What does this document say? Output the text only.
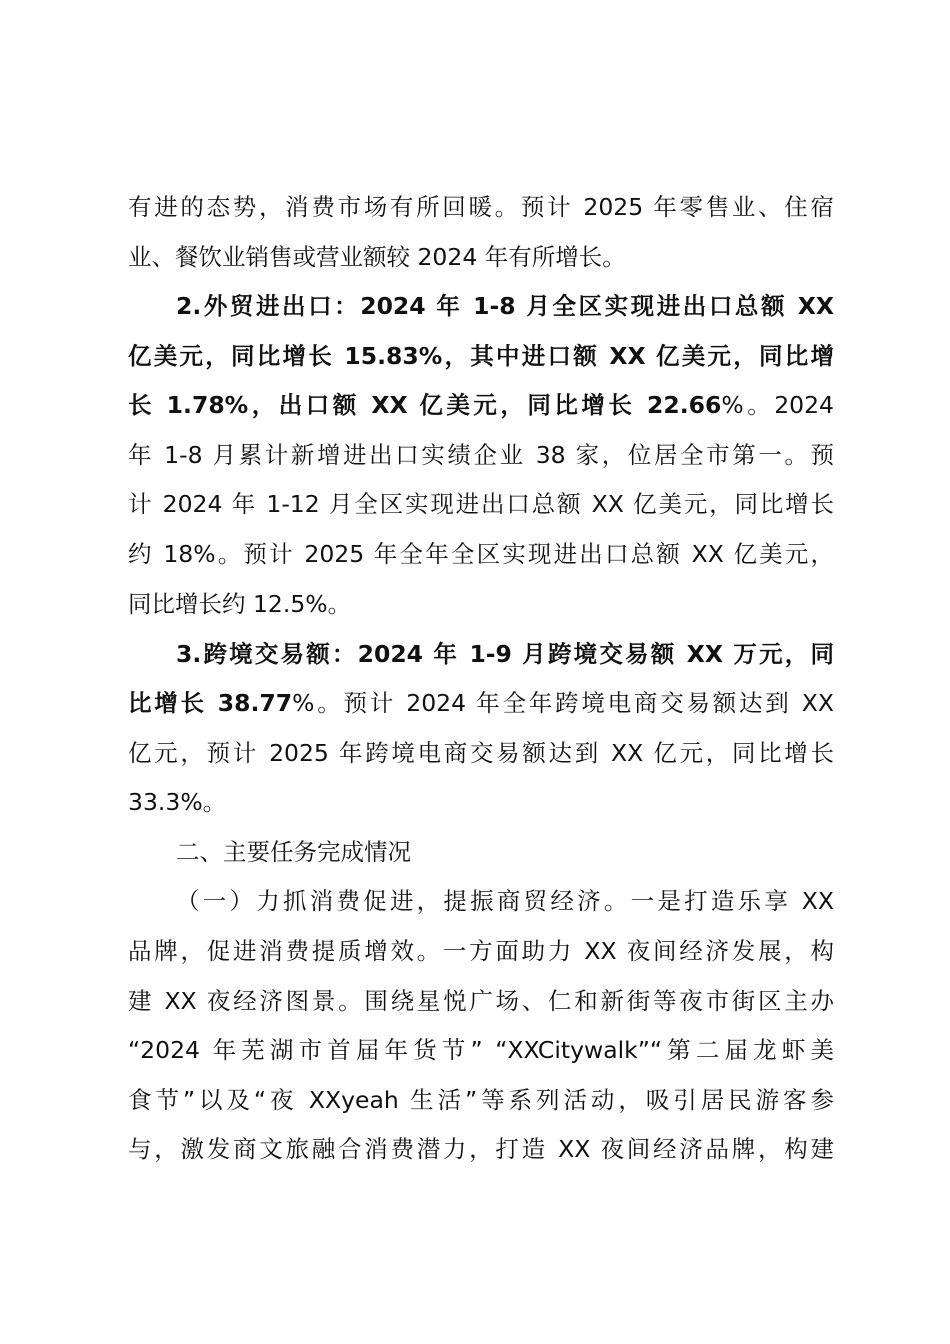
有进的态势，消费市场有所回暖。预计 2025 年零售业、住宿
业、餐饮业销售或营业额较 2024 年有所增长。
2.外贸进出口：2024 年 1-8 月全区实现进出口总额 XX
亿美元，同比增长 15.83%，其中进口额 XX 亿美元，同比增
长 1.78%，出口额 XX 亿美元，同比增长 22.66%。2024
年 1-8 月累计新增进出口实绩企业 38 家，位居全市第一。预
计 2024 年 1-12 月全区实现进出口总额 XX 亿美元，同比增长
约 18%。预计 2025 年全年全区实现进出口总额 XX 亿美元，
同比增长约 12.5%。
3.跨境交易额：2024 年 1-9 月跨境交易额 XX 万元，同
比增长 38.77%。预计 2024 年全年跨境电商交易额达到 XX
亿元，预计 2025 年跨境电商交易额达到 XX 亿元，同比增长
33.3%。
二、主要任务完成情况
（一）力抓消费促进，提振商贸经济。一是打造乐享 XX
品牌，促进消费提质增效。一方面助力 XX 夜间经济发展，构
建 XX 夜经济图景。围绕星悦广场、仁和新街等夜市街区主办
“2024 年芜湖市首届年货节” “XXCitywalk”“第二届龙虾美
食节”以及“夜 XXyeah 生活”等系列活动，吸引居民游客参
与，激发商文旅融合消费潜力，打造 XX 夜间经济品牌，构建
